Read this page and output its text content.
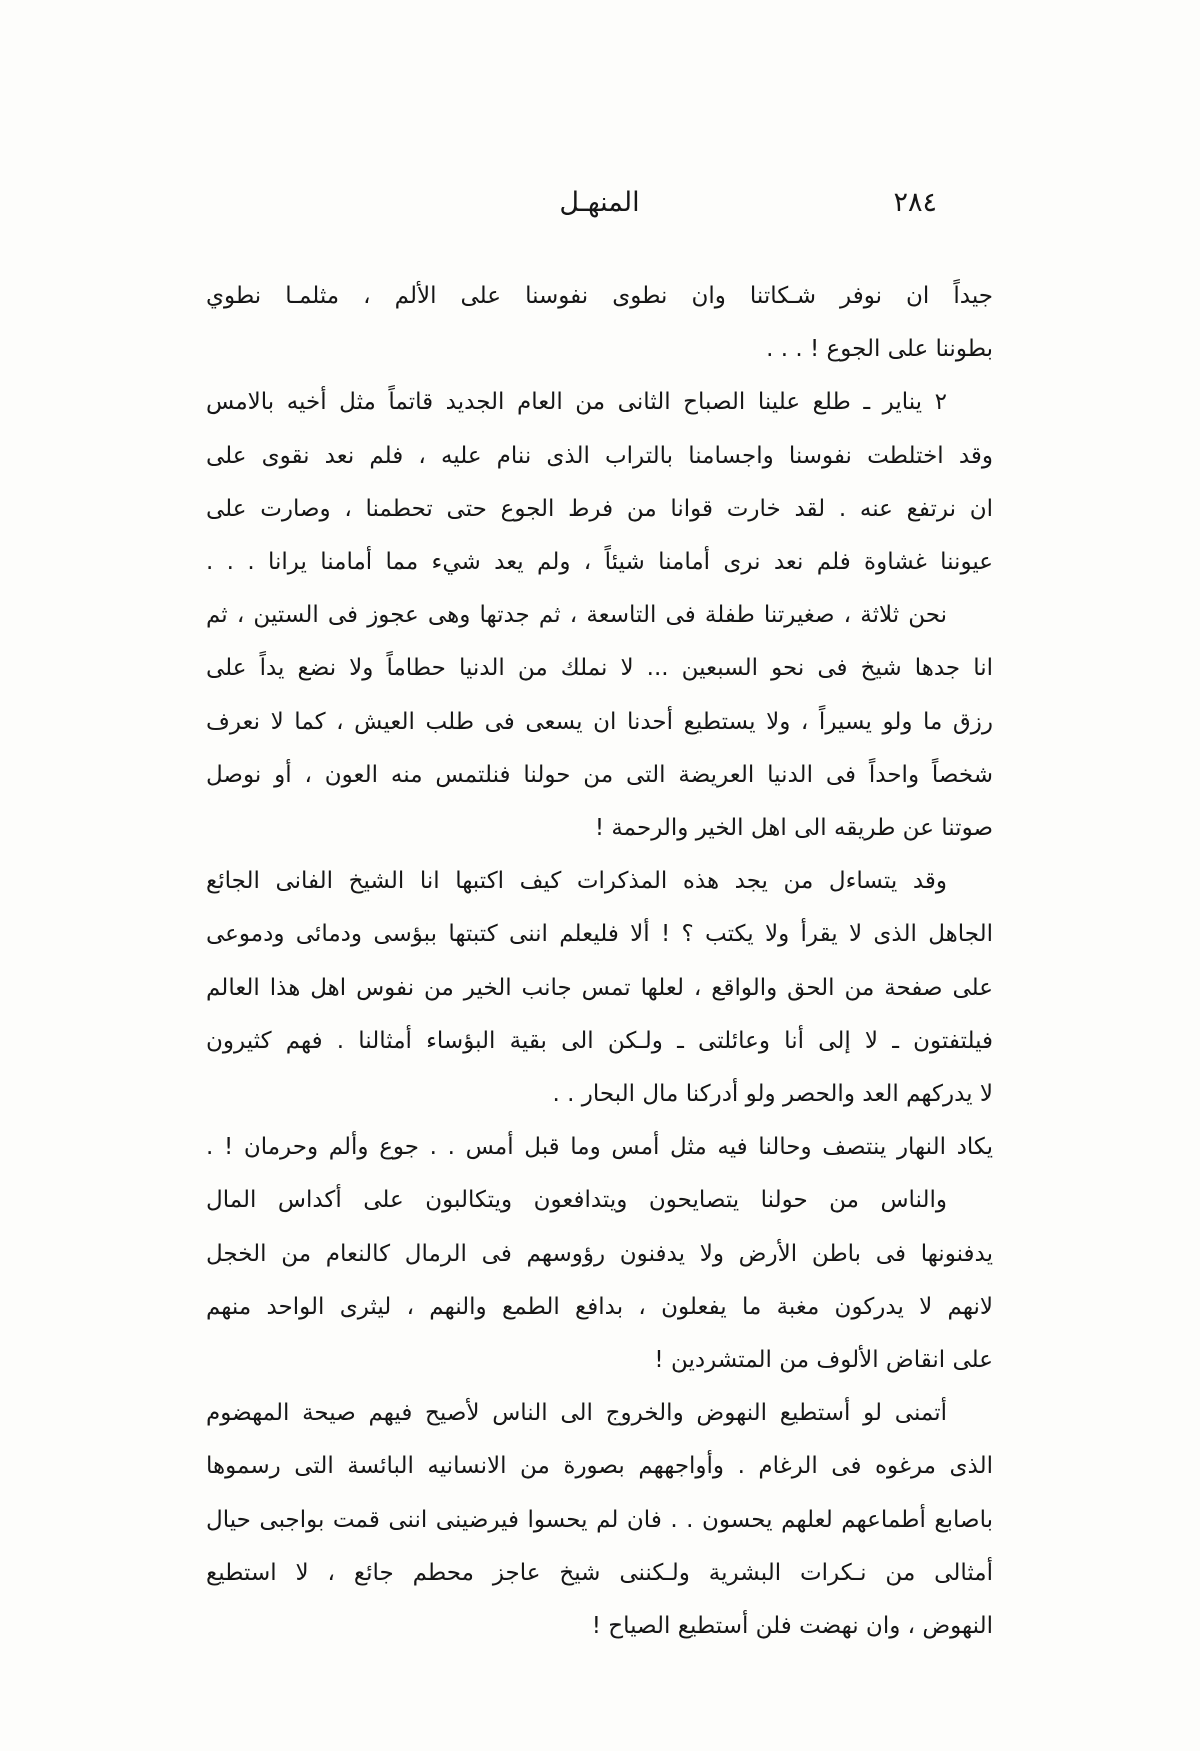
المنهـل	٢٨٤
جيداً ان نوفر شـكاتنا وان نطوى نفوسنا على الألم ، مثلمـا نطوي
بطوننا على الجوع ! . . .
٢ يناير ـ طلع علينا الصباح الثانى من العام الجديد قاتماً مثل أخيه بالامس
وقد اختلطت نفوسنا واجسامنا بالتراب الذى ننام عليه ، فلم نعد نقوى على
ان نرتفع عنه . لقد خارت قوانا من فرط الجوع حتى تحطمنا ، وصارت على
عيوننا غشاوة فلم نعد نرى أمامنا شيئاً ، ولم يعد شيء مما أمامنا يرانا . . .
نحن ثلاثة ، صغيرتنا طفلة فى التاسعة ، ثم جدتها وهى عجوز فى الستين ، ثم
انا جدها شيخ فى نحو السبعين ... لا نملك من الدنيا حطاماً ولا نضع يداً على
رزق ما ولو يسيراً ، ولا يستطيع أحدنا ان يسعى فى طلب العيش ، كما لا نعرف
شخصاً واحداً فى الدنيا العريضة التى من حولنا فنلتمس منه العون ، أو نوصل
صوتنا عن طريقه الى اهل الخير والرحمة !
وقد يتساءل من يجد هذه المذكرات كيف اكتبها انا الشيخ الفانى الجائع
الجاهل الذى لا يقرأ ولا يكتب ؟ ! ألا فليعلم اننى كتبتها ببؤسى ودمائى ودموعى
على صفحة من الحق والواقع ، لعلها تمس جانب الخير من نفوس اهل هذا العالم
فيلتفتون ـ لا إلى أنا وعائلتى ـ ولـكن الى بقية البؤساء أمثالنا . فهم كثيرون
لا يدركهم العد والحصر ولو أدركنا مال البحار . .
يكاد النهار ينتصف وحالنا فيه مثل أمس وما قبل أمس . . جوع وألم وحرمان ! .
والناس من حولنا يتصايحون ويتدافعون ويتكالبون على أكداس المال
يدفنونها فى باطن الأرض ولا يدفنون رؤوسهم فى الرمال كالنعام من الخجل
لانهم لا يدركون مغبة ما يفعلون ، بدافع الطمع والنهم ، ليثرى الواحد منهم
على انقاض الألوف من المتشردين !
أتمنى لو أستطيع النهوض والخروج الى الناس لأصيح فيهم صيحة المهضوم
الذى مرغوه فى الرغام . وأواجههم بصورة من الانسانيه البائسة التى رسموها
باصابع أطماعهم لعلهم يحسون . . فان لم يحسوا فيرضينى اننى قمت بواجبى حيال
أمثالى من نـكرات البشرية ولـكننى شيخ عاجز محطم جائع ، لا استطيع
النهوض ، وان نهضت فلن أستطيع الصياح !
